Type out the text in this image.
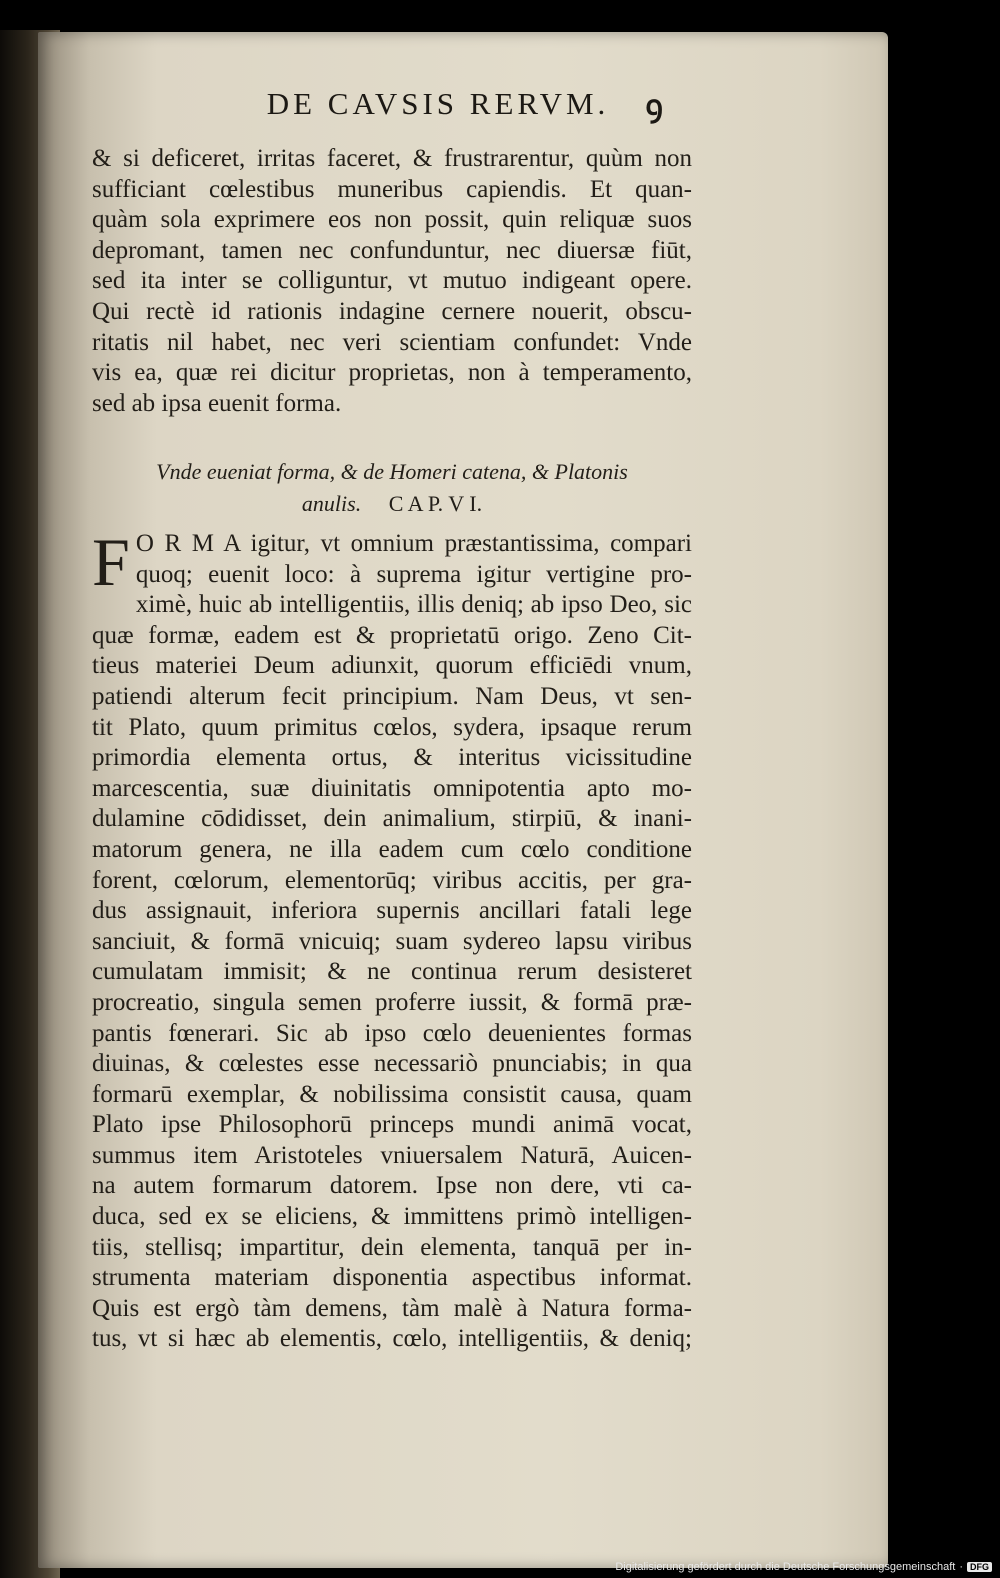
DE CAVSIS RERVM.	ꝯ
& si deficeret, irritas faceret, & frustrarentur, quùm non
sufficiant cœlestibus muneribus capiendis. Et quan-
quàm sola exprimere eos non possit, quin reliquæ suos
depromant, tamen nec confunduntur, nec diuersæ fiūt,
sed ita inter se colliguntur, vt mutuo indigeant opere.
Qui rectè id rationis indagine cernere nouerit, obscu-
ritatis nil habet, nec veri scientiam confundet: Vnde
vis ea, quæ rei dicitur proprietas, non à temperamento,
sed ab ipsa euenit forma.
Vnde eueniat forma, & de Homeri catena, & Platonis
anulis. C A P. V I.
F O R M A igitur, vt omnium præstantissima, compari
quoq; euenit loco: à suprema igitur vertigine pro-
ximè, huic ab intelligentiis, illis deniq; ab ipso Deo, sic
quæ formæ, eadem est & proprietatū origo. Zeno Cit-
tieus materiei Deum adiunxit, quorum efficiēdi vnum,
patiendi alterum fecit principium. Nam Deus, vt sen-
tit Plato, quum primitus cœlos, sydera, ipsaque rerum
primordia elementa ortus, & interitus vicissitudine
marcescentia, suæ diuinitatis omnipotentia apto mo-
dulamine cōdidisset, dein animalium, stirpiū, & inani-
matorum genera, ne illa eadem cum cœlo conditione
forent, cœlorum, elementorūq; viribus accitis, per gra-
dus assignauit, inferiora supernis ancillari fatali lege
sanciuit, & formā vnicuiq; suam sydereo lapsu viribus
cumulatam immisit; & ne continua rerum desisteret
procreatio, singula semen proferre iussit, & formā præ-
pantis fœnerari. Sic ab ipso cœlo deuenientes formas
diuinas, & cœlestes esse necessariò pnunciabis; in qua
formarū exemplar, & nobilissima consistit causa, quam
Plato ipse Philosophorū princeps mundi animā vocat,
summus item Aristoteles vniuersalem Naturā, Auicen-
na autem formarum datorem. Ipse non dere, vti ca-
duca, sed ex se eliciens, & immittens primò intelligen-
tiis, stellisq; impartitur, dein elementa, tanquā per in-
strumenta materiam disponentia aspectibus informat.
Quis est ergò tàm demens, tàm malè à Natura forma-
tus, vt si hæc ab elementis, cœlo, intelligentiis, & deniq;
Digitalisierung gefördert durch die Deutsche Forschungsgemeinschaft · DFG
